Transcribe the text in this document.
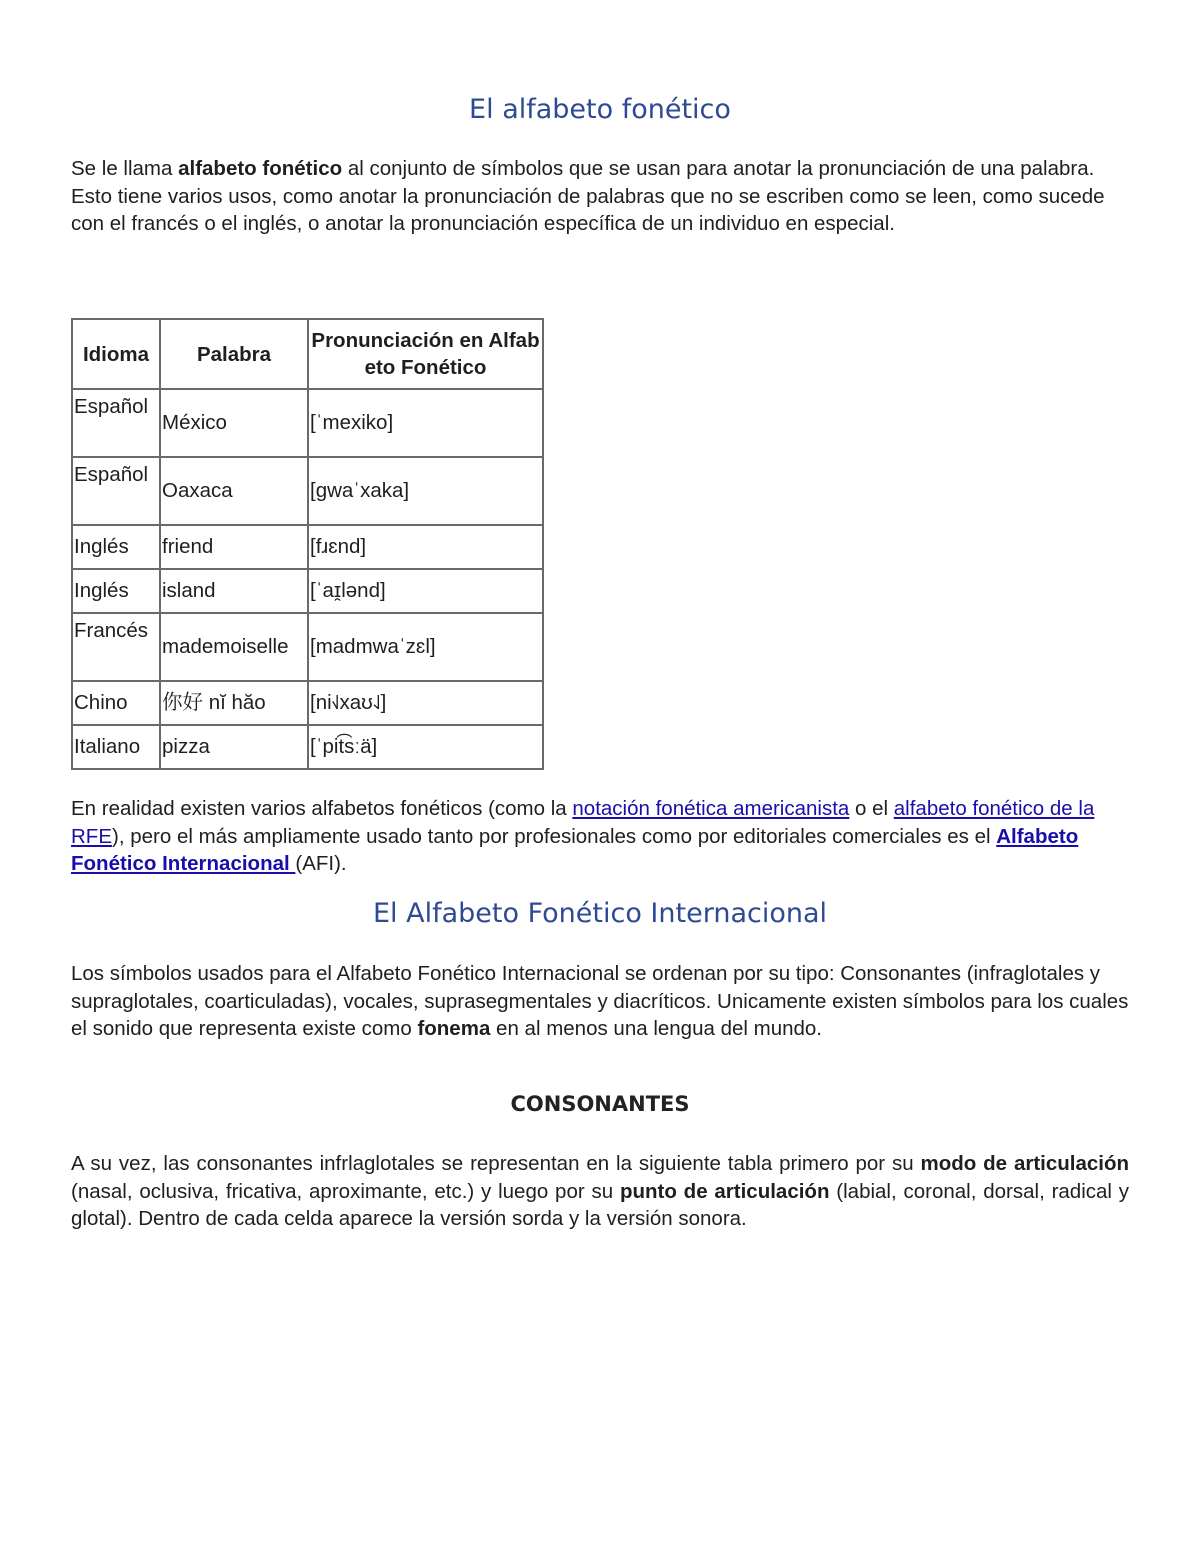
El alfabeto fonético

Se le llama alfabeto fonético al conjunto de símbolos que se usan para anotar la pronunciación de una palabra. Esto tiene varios usos, como anotar la pronunciación de palabras que no se escriben como se leen, como sucede con el francés o el inglés, o anotar la pronunciación específica de un individuo en especial.

Idioma	Palabra	Pronunciación en Alfabeto Fonético
Español	México	[ˈmexiko]
Español	Oaxaca	[gwaˈxaka]
Inglés	friend	[fɹɛnd]
Inglés	island	[ˈaɪ̯lənd]
Francés	mademoiselle	[madmwaˈzɛl]
Chino	你好 nĭ hăo	[ni˧˩xaʊ˨˩]
Italiano	pizza	[ˈpit͡sːä]

En realidad existen varios alfabetos fonéticos (como la notación fonética americanista o el alfabeto fonético de la RFE), pero el más ampliamente usado tanto por profesionales como por editoriales comerciales es el Alfabeto Fonético Internacional (AFI).

El Alfabeto Fonético Internacional

Los símbolos usados para el Alfabeto Fonético Internacional se ordenan por su tipo: Consonantes (infraglotales y supraglotales, coarticuladas), vocales, suprasegmentales y diacríticos. Unicamente existen símbolos para los cuales el sonido que representa existe como fonema en al menos una lengua del mundo.

CONSONANTES

A su vez, las consonantes infrlaglotales se representan en la siguiente tabla primero por su modo de articulación (nasal, oclusiva, fricativa, aproximante, etc.) y luego por su punto de articulación (labial, coronal, dorsal, radical y glotal). Dentro de cada celda aparece la versión sorda y la versión sonora.
